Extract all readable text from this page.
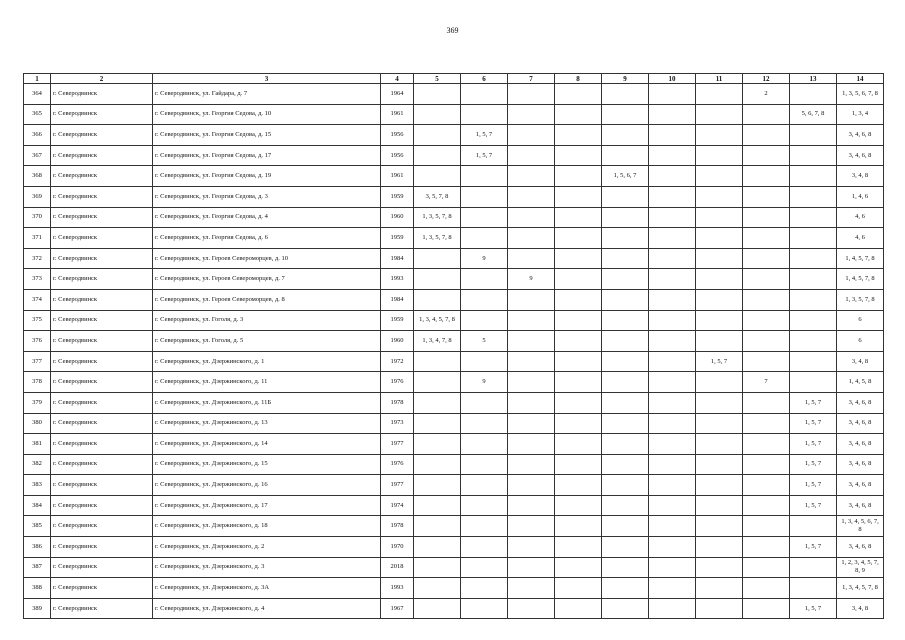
369
1	2	3	4	5	6	7	8	9	10	11	12	13	14
364	г. Северодвинск	г. Северодвинск, ул. Гайдара, д. 7	1964								2		1, 3, 5, 6, 7, 8
365	г. Северодвинск	г. Северодвинск, ул. Георгия Седова, д. 10	1961									5, 6, 7, 8	1, 3, 4
366	г. Северодвинск	г. Северодвинск, ул. Георгия Седова, д. 15	1956		1, 5, 7								3, 4, 6, 8
367	г. Северодвинск	г. Северодвинск, ул. Георгия Седова, д. 17	1956		1, 5, 7								3, 4, 6, 8
368	г. Северодвинск	г. Северодвинск, ул. Георгия Седова, д. 19	1961					1, 5, 6, 7					3, 4, 8
369	г. Северодвинск	г. Северодвинск, ул. Георгия Седова, д. 3	1959	3, 5, 7, 8									1, 4, 6
370	г. Северодвинск	г. Северодвинск, ул. Георгия Седова, д. 4	1960	1, 3, 5, 7, 8									4, 6
371	г. Северодвинск	г. Северодвинск, ул. Георгия Седова, д. 6	1959	1, 3, 5, 7, 8									4, 6
372	г. Северодвинск	г. Северодвинск, ул. Героев Североморцев, д. 10	1984		9								1, 4, 5, 7, 8
373	г. Северодвинск	г. Северодвинск, ул. Героев Североморцев, д. 7	1993			9							1, 4, 5, 7, 8
374	г. Северодвинск	г. Северодвинск, ул. Героев Североморцев, д. 8	1984										1, 3, 5, 7, 8
375	г. Северодвинск	г. Северодвинск, ул. Гоголя, д. 3	1959	1, 3, 4, 5, 7, 8									6
376	г. Северодвинск	г. Северодвинск, ул. Гоголя, д. 5	1960	1, 3, 4, 7, 8	5								6
377	г. Северодвинск	г. Северодвинск, ул. Дзержинского, д. 1	1972							1, 5, 7			3, 4, 8
378	г. Северодвинск	г. Северодвинск, ул. Дзержинского, д. 11	1976		9						7		1, 4, 5, 8
379	г. Северодвинск	г. Северодвинск, ул. Дзержинского, д. 11Б	1978									1, 5, 7	3, 4, 6, 8
380	г. Северодвинск	г. Северодвинск, ул. Дзержинского, д. 13	1973									1, 5, 7	3, 4, 6, 8
381	г. Северодвинск	г. Северодвинск, ул. Дзержинского, д. 14	1977									1, 5, 7	3, 4, 6, 8
382	г. Северодвинск	г. Северодвинск, ул. Дзержинского, д. 15	1976									1, 5, 7	3, 4, 6, 8
383	г. Северодвинск	г. Северодвинск, ул. Дзержинского, д. 16	1977									1, 5, 7	3, 4, 6, 8
384	г. Северодвинск	г. Северодвинск, ул. Дзержинского, д. 17	1974									1, 5, 7	3, 4, 6, 8
385	г. Северодвинск	г. Северодвинск, ул. Дзержинского, д. 18	1978										1, 3, 4, 5, 6, 7, 8
386	г. Северодвинск	г. Северодвинск, ул. Дзержинского, д. 2	1970									1, 5, 7	3, 4, 6, 8
387	г. Северодвинск	г. Северодвинск, ул. Дзержинского, д. 3	2018										1, 2, 3, 4, 5, 7, 8, 9
388	г. Северодвинск	г. Северодвинск, ул. Дзержинского, д. 3А	1993										1, 3, 4, 5, 7, 8
389	г. Северодвинск	г. Северодвинск, ул. Дзержинского, д. 4	1967									1, 5, 7	3, 4, 8
